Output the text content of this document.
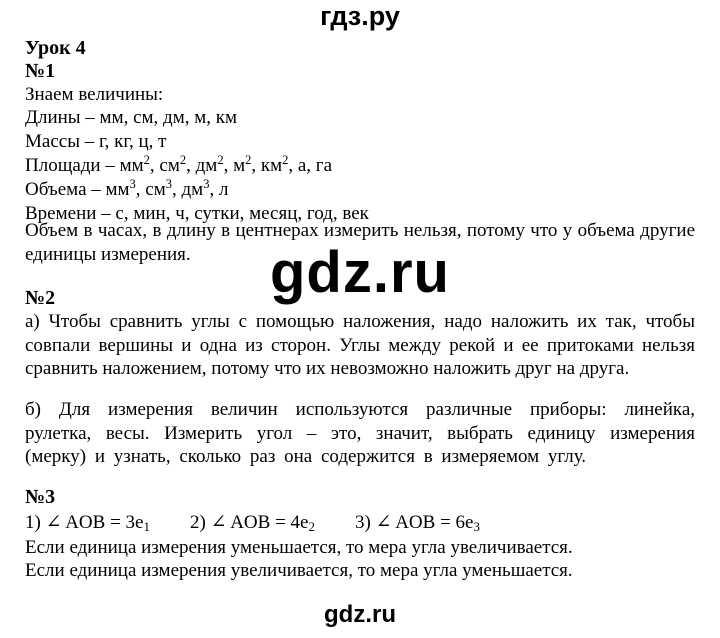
гдз.ру
Урок 4
№1
Знаем величины:
Длины – мм, см, дм, м, км
Массы – г, кг, ц, т
Площади – $мм^2$, $см^2$, $дм^2$, $м^2$, $км^2$, а, га
Объема – $мм^3$, $см^3$, $дм^3$, л
Времени – с, мин, ч, сутки, месяц, год, век
Объем в часах, в длину в центнерах измерить нельзя, потому что у объема другие единицы измерения.	gdz.ru
№2
а) Чтобы сравнить углы с помощью наложения, надо наложить их так, чтобы совпали вершины и одна из сторон. Углы между рекой и ее притоками нельзя сравнить наложением, потому что их невозможно наложить друг на друга.
б) Для измерения величин используются различные приборы: линейка, рулетка, весы. Измерить угол – это, значит, выбрать единицу измерения (мерку) и узнать, сколько раз она содержится в измеряемом углу.
№3
1) ∠ AOB = $3e_1$	2) ∠ AOB = $4e_2$	3) ∠ AOB = $6e_3$
Если единица измерения уменьшается, то мера угла увеличивается.
Если единица измерения увеличивается, то мера угла уменьшается.
gdz.ru
